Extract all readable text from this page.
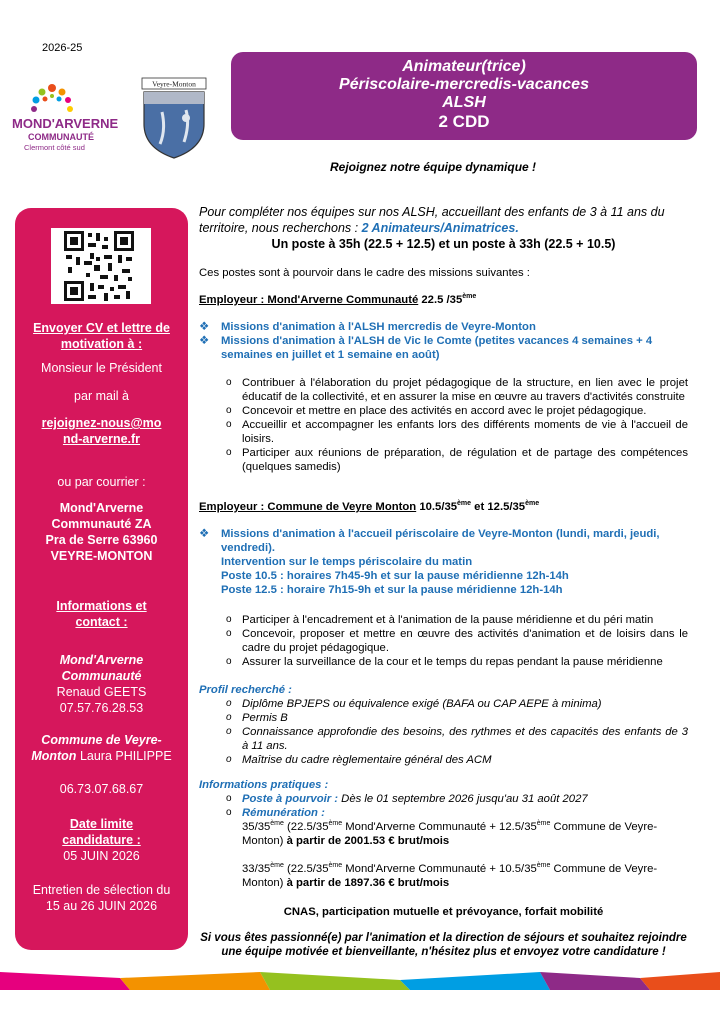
2026-25
MOND'ARVERNE
COMMUNAUTÉ
Clermont côté sud
Veyre-Monton
Animateur(trice)
Périscolaire-mercredis-vacances
ALSH
2 CDD
Rejoignez notre équipe dynamique !
Envoyer CV et lettre de motivation à :
Monsieur le Président
par mail à
rejoignez-nous@mond-arverne.fr
ou par courrier :
Mond'Arverne Communauté ZA Pra de Serre 63960 VEYRE-MONTON
Informations et contact :
Mond'Arverne Communauté
Renaud GEETS
07.57.76.28.53
Commune de Veyre-Monton Laura PHILIPPE
06.73.07.68.67
Date limite candidature :
05 JUIN 2026
Entretien de sélection du 15 au 26 JUIN 2026
Pour compléter nos équipes sur nos ALSH, accueillant des enfants de 3 à 11 ans du territoire, nous recherchons : 2 Animateurs/Animatrices.
Un poste à 35h (22.5 + 12.5) et un poste à 33h (22.5 + 10.5)
Ces postes sont à pourvoir dans le cadre des missions suivantes :
Employeur : Mond'Arverne Communauté 22.5 /35ème
❖ Missions d'animation à l'ALSH mercredis de Veyre-Monton
❖ Missions d'animation à l'ALSH de Vic le Comte (petites vacances 4 semaines + 4 semaines en juillet et 1 semaine en août)
o Contribuer à l'élaboration du projet pédagogique de la structure, en lien avec le projet éducatif de la collectivité, et en assurer la mise en œuvre au travers d'activités construite
o Concevoir et mettre en place des activités en accord avec le projet pédagogique.
o Accueillir et accompagner les enfants lors des différents moments de vie à l'accueil de loisirs.
o Participer aux réunions de préparation, de régulation et de partage des compétences (quelques samedis)
Employeur : Commune de Veyre Monton 10.5/35ème et 12.5/35ème
❖ Missions d'animation à l'accueil périscolaire de Veyre-Monton (lundi, mardi, jeudi, vendredi).
Intervention sur le temps périscolaire du matin
Poste 10.5 : horaires 7h45-9h et sur la pause méridienne 12h-14h
Poste 12.5 : horaire 7h15-9h et sur la pause méridienne 12h-14h
o Participer à l'encadrement et à l'animation de la pause méridienne et du péri matin
o Concevoir, proposer et mettre en œuvre des activités d'animation et de loisirs dans le cadre du projet pédagogique.
o Assurer la surveillance de la cour et le temps du repas pendant la pause méridienne
Profil recherché :
o Diplôme BPJEPS ou équivalence exigé (BAFA ou CAP AEPE à minima)
o Permis B
o Connaissance approfondie des besoins, des rythmes et des capacités des enfants de 3 à 11 ans.
o Maîtrise du cadre règlementaire général des ACM
Informations pratiques :
o Poste à pourvoir : Dès le 01 septembre 2026 jusqu'au 31 août 2027
o Rémunération :
35/35ème (22.5/35ème Mond'Arverne Communauté + 12.5/35ème Commune de Veyre-Monton) à partir de 2001.53 € brut/mois
33/35ème (22.5/35ème Mond'Arverne Communauté + 10.5/35ème Commune de Veyre-Monton) à partir de 1897.36 € brut/mois
CNAS, participation mutuelle et prévoyance, forfait mobilité
Si vous êtes passionné(e) par l'animation et la direction de séjours et souhaitez rejoindre une équipe motivée et bienveillante, n'hésitez plus et envoyez votre candidature !
